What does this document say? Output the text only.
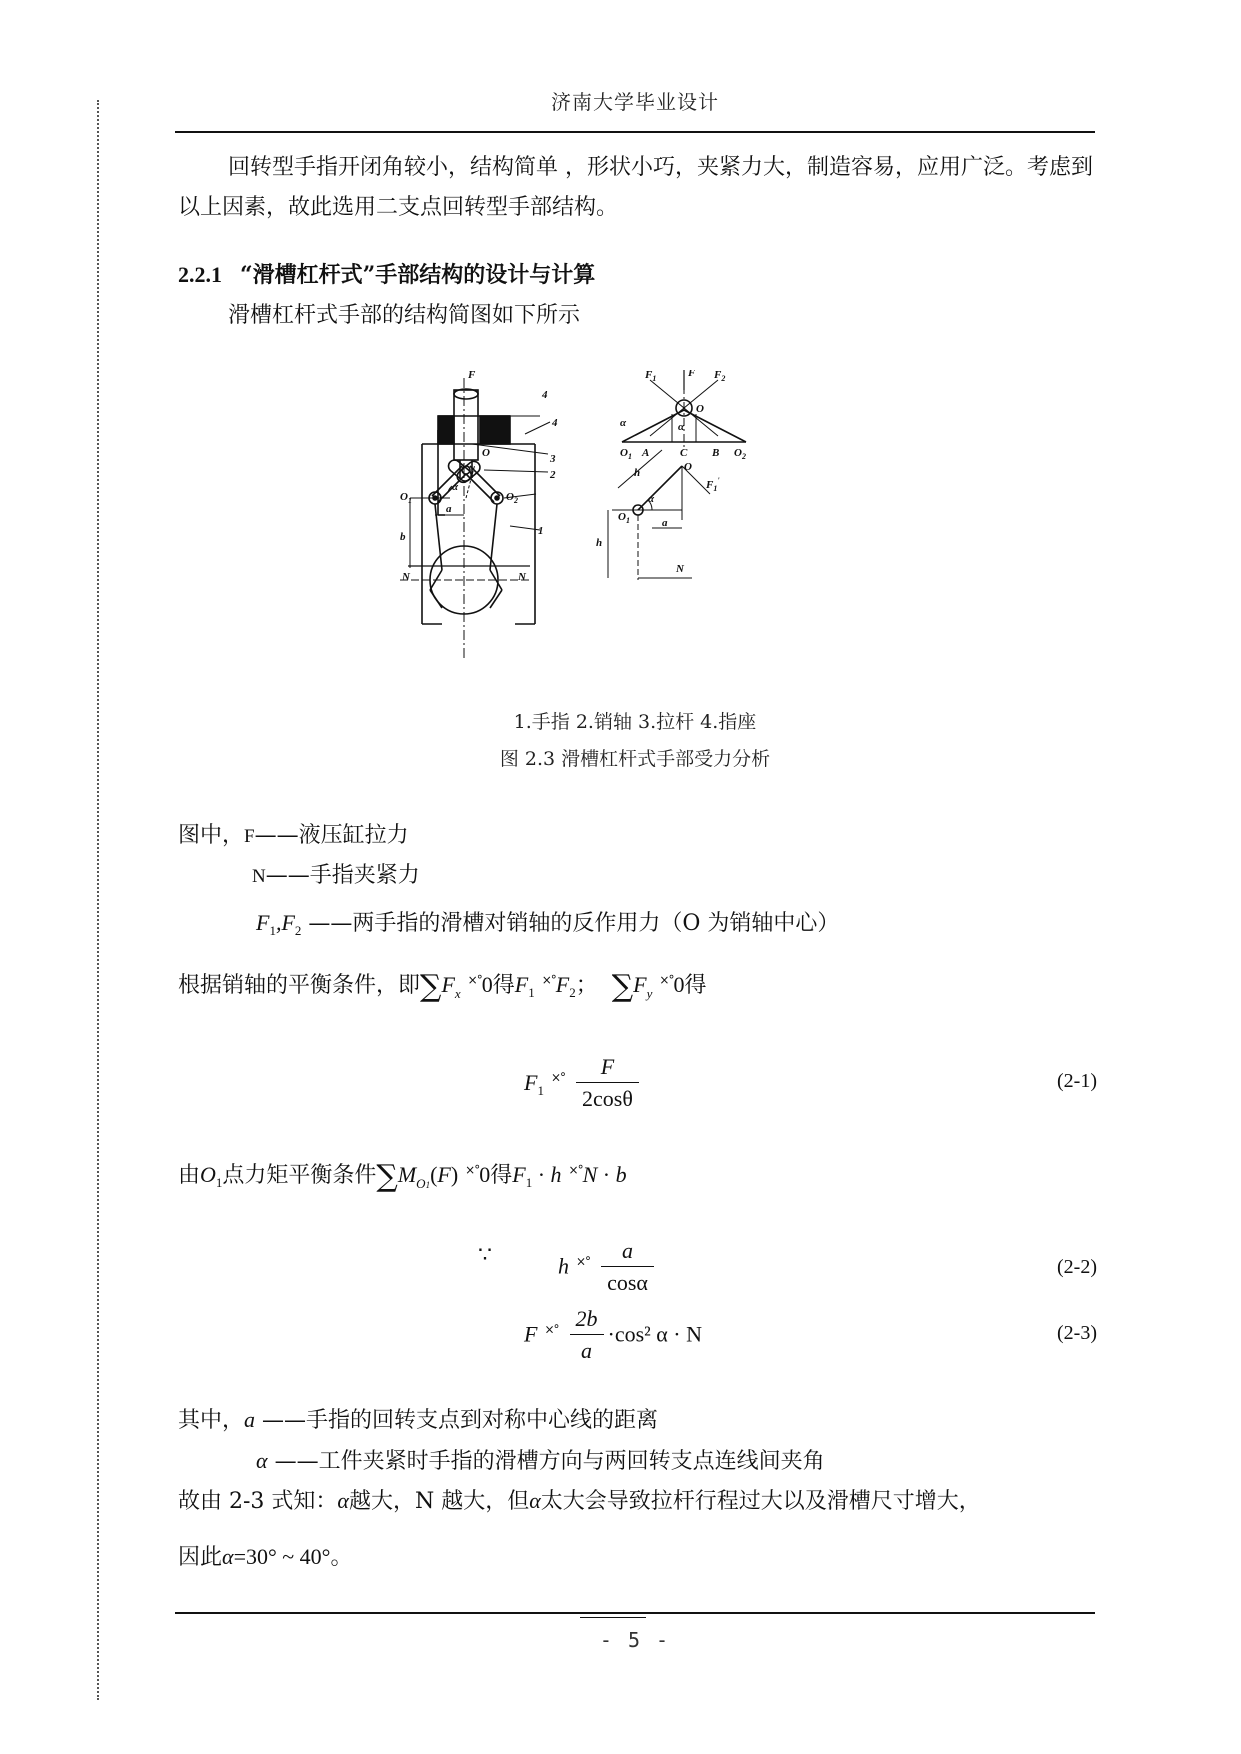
济南大学毕业设计
回转型手指开闭角较小，结构简单 ，形状小巧，夹紧力大，制造容易，应用广泛。考虑到以上因素，故此选用二支点回转型手部结构。
2.2.1 “滑槽杠杆式”手部结构的设计与计算
滑槽杠杆式手部的结构简图如下所示
F
4
4
3
O
2
$O_1$	$O_2$
1
α
a
b
N	N
F
$F_1$	$F_2$
O
α	α
$O_1$ A	C B $O_2$
O
$F_1'$
h
α
$O_1$	a
h
N
1.手指 2.销轴 3.拉杆 4.指座
图 2.3 滑槽杠杆式手部受力分析
图中，F——液压缸拉力
N——手指夹紧力
$F_1,F_2$ ——两手指的滑槽对销轴的反作用力（O 为销轴中心）
根据销轴的平衡条件，即$\sum F_x$ ×°0得$F_1$ $^{\times^\circ}F_2$； $\sum F_y$ ×°0得
$F_1$ $^{\times^\circ} \frac{F}{2\cos\theta}$	(2-1)
由$O_1$点力矩平衡条件$\sum M_{O1}(F)$ ×°0得$F_1 \cdot h$ ×°N · b
∵	h $^{\times^\circ} \frac{a}{\cos\alpha}$	(2-2)
F $^{\times^\circ} \frac{2b}{a} \cdot\cos^2$ α · N	(2-3)
其中，a ——手指的回转支点到对称中心线的距离
α ——工件夹紧时手指的滑槽方向与两回转支点连线间夹角
故由 2-3 式知：α越大，N 越大，但α太大会导致拉杆行程过大以及滑槽尺寸增大，
因此α=30° ~ 40°。
- 5 -
